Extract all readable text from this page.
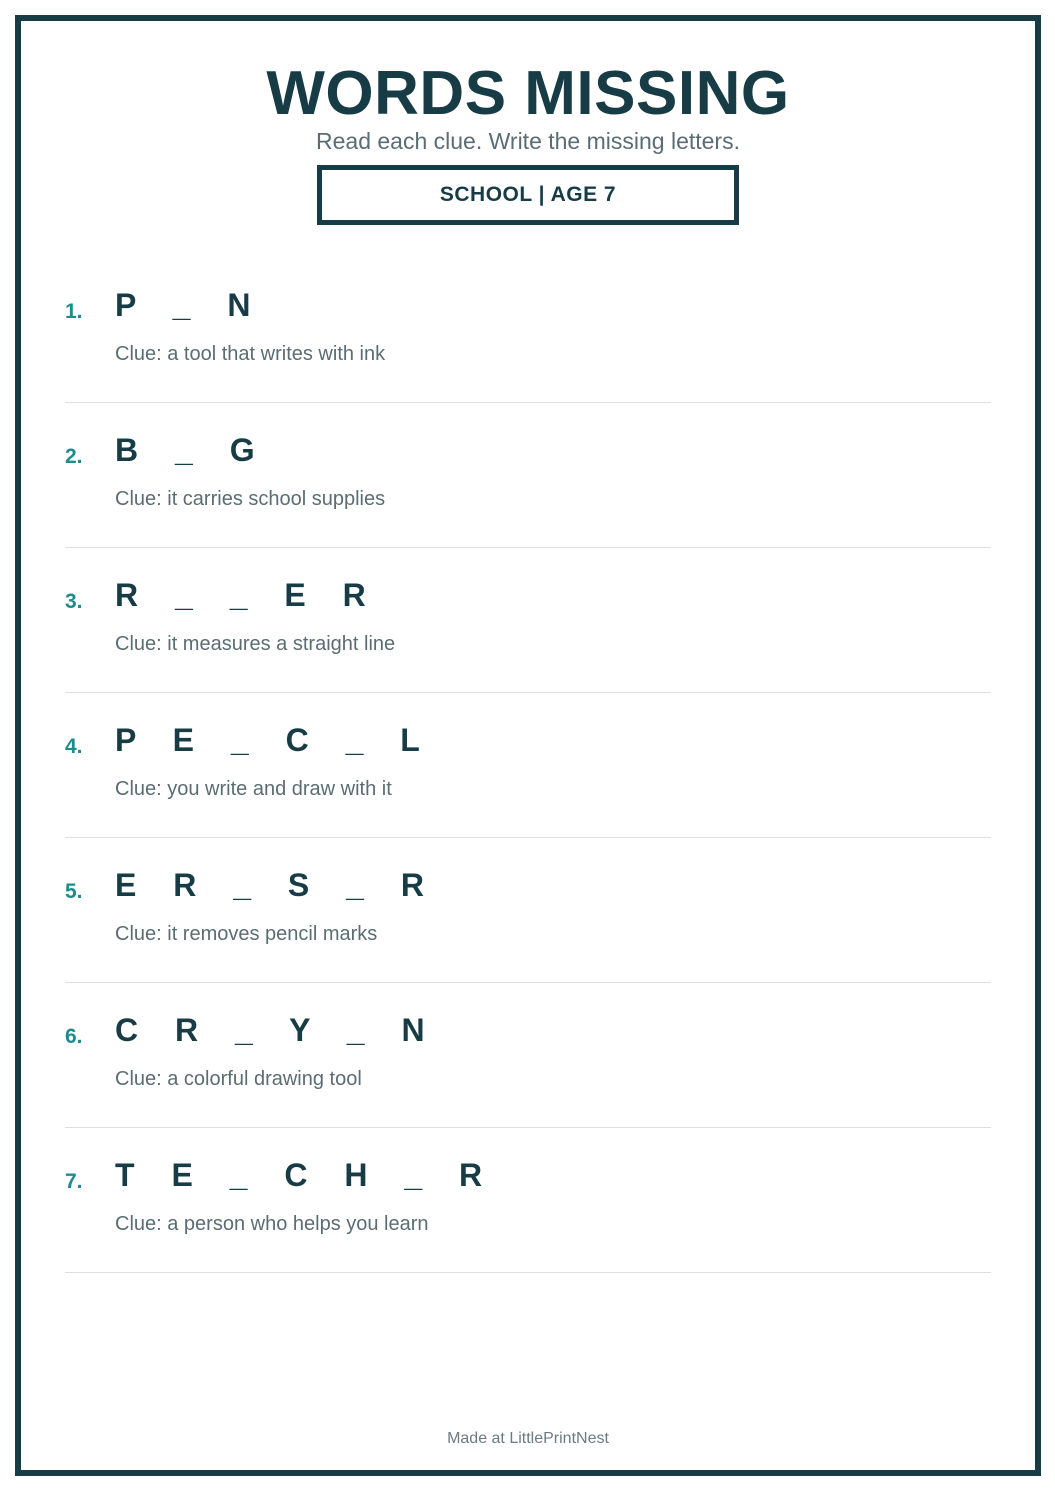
WORDS MISSING
Read each clue. Write the missing letters.
SCHOOL | AGE 7
1. P _ N
Clue: a tool that writes with ink
2. B _ G
Clue: it carries school supplies
3. R _ _ E R
Clue: it measures a straight line
4. P E _ C _ L
Clue: you write and draw with it
5. E R _ S _ R
Clue: it removes pencil marks
6. C R _ Y _ N
Clue: a colorful drawing tool
7. T E _ C H _ R
Clue: a person who helps you learn
Made at LittlePrintNest
